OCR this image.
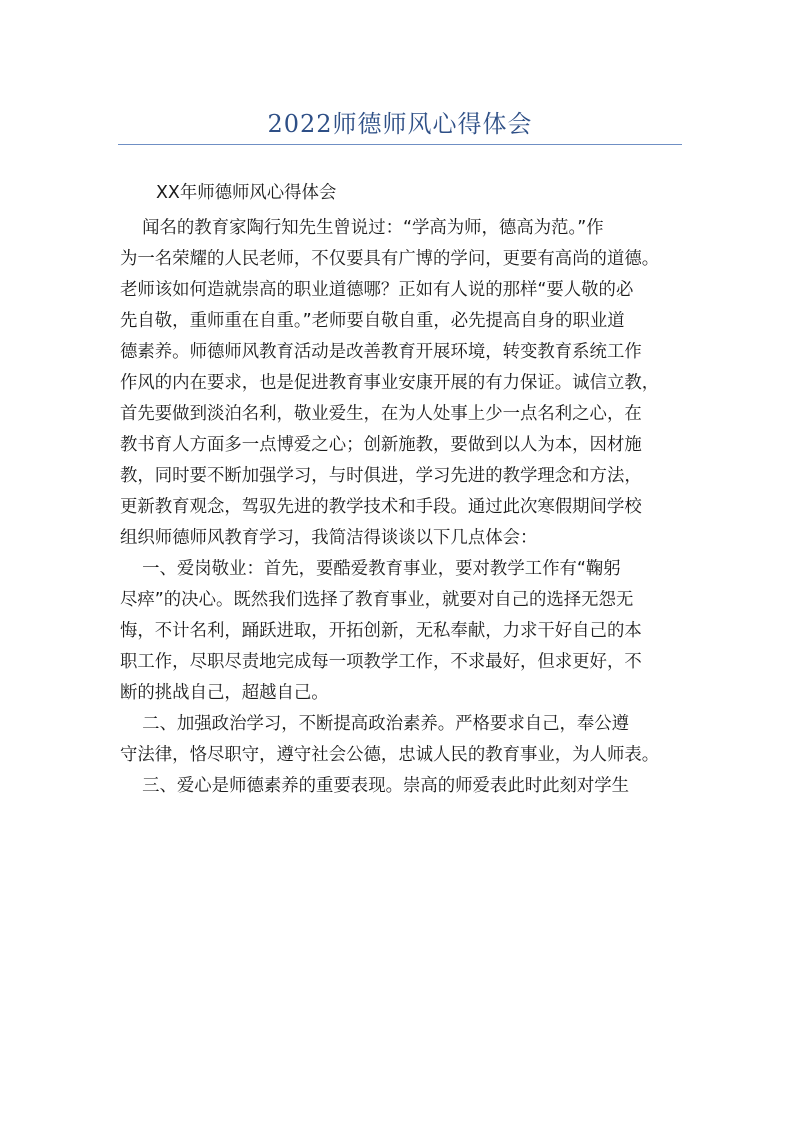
2022师德师风心得体会
XX年师德师风心得体会
闻名的教育家陶行知先生曾说过：“学高为师，德高为范。”作
为一名荣耀的人民老师，不仅要具有广博的学问，更要有高尚的道德。
老师该如何造就崇高的职业道德哪？正如有人说的那样“要人敬的必
先自敬，重师重在自重。”老师要自敬自重，必先提高自身的职业道
德素养。师德师风教育活动是改善教育开展环境，转变教育系统工作
作风的内在要求，也是促进教育事业安康开展的有力保证。诚信立教，
首先要做到淡泊名利，敬业爱生，在为人处事上少一点名利之心，在
教书育人方面多一点博爱之心；创新施教，要做到以人为本，因材施
教，同时要不断加强学习，与时俱进，学习先进的教学理念和方法，
更新教育观念，驾驭先进的教学技术和手段。通过此次寒假期间学校
组织师德师风教育学习，我简洁得谈谈以下几点体会：
一、爱岗敬业：首先，要酷爱教育事业，要对教学工作有“鞠躬
尽瘁”的决心。既然我们选择了教育事业，就要对自己的选择无怨无
悔，不计名利，踊跃进取，开拓创新，无私奉献，力求干好自己的本
职工作，尽职尽责地完成每一项教学工作，不求最好，但求更好，不
断的挑战自己，超越自己。
二、加强政治学习，不断提高政治素养。严格要求自己，奉公遵
守法律，恪尽职守，遵守社会公德，忠诚人民的教育事业，为人师表。
三、爱心是师德素养的重要表现。崇高的师爱表此时此刻对学生
